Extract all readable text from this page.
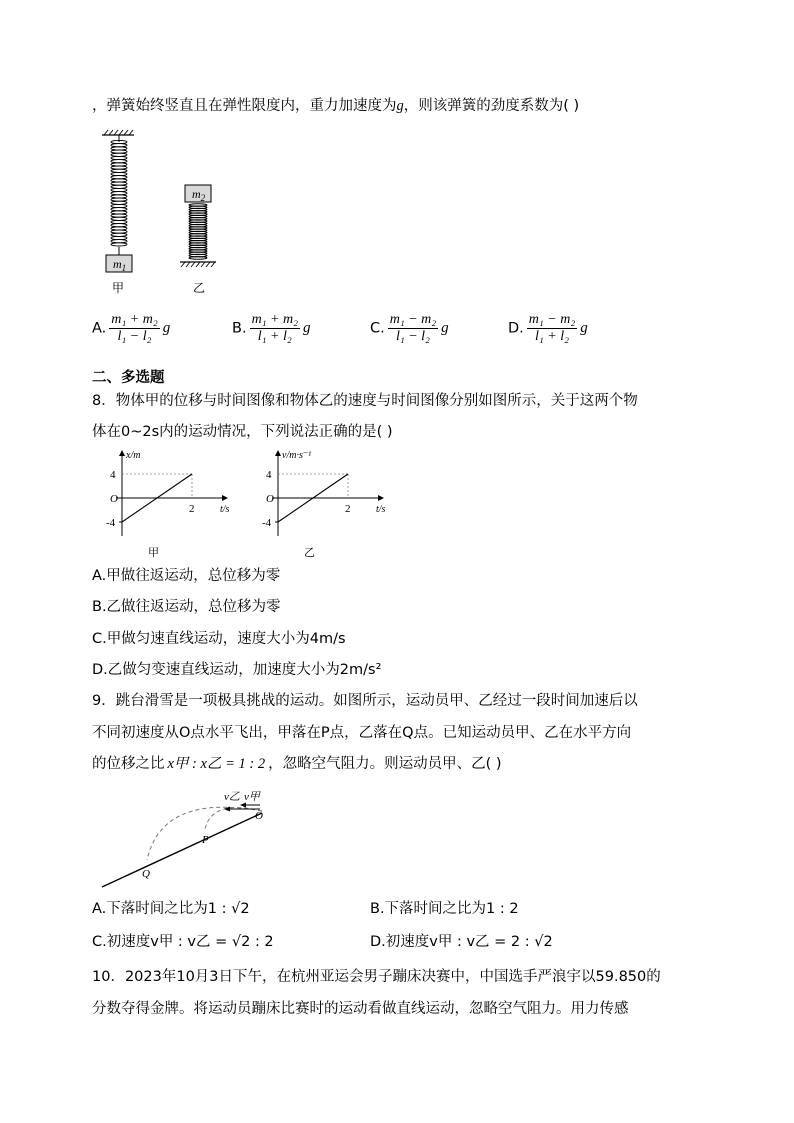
，弹簧始终竖直且在弹性限度内，重力加速度为g，则该弹簧的劲度系数为( )
$m_1$
$m_2$
甲	乙
A. $\frac{\text{m₁ + m₂}}{\text{l₁ − l₂}}$ g	B. $\frac{\text{m₁ + m₂}}{\text{l₁ + l₂}}$ g	C. $\frac{\text{m₁ − m₂}}{\text{l₁ − l₂}}$ g	D. $\frac{\text{m₁ − m₂}}{\text{l₁ + l₂}}$ g
二、多选题
8．物体甲的位移与时间图像和物体乙的速度与时间图像分别如图所示，关于这两个物
体在0~2s内的运动情况，下列说法正确的是( )
x/m
t/s
O
4
-4
2
甲
v/m·s⁻¹
t/s
O
4
-4
2
乙
A.甲做往返运动，总位移为零
B.乙做往返运动，总位移为零
C.甲做匀速直线运动，速度大小为4m/s
D.乙做匀变速直线运动，加速度大小为2m/s²
9．跳台滑雪是一项极具挑战的运动。如图所示，运动员甲、乙经过一段时间加速后以
不同初速度从O点水平飞出，甲落在P点，乙落在Q点。已知运动员甲、乙在水平方向
的位移之比 x甲 : x乙 = 1 : 2 ，忽略空气阻力。则运动员甲、乙( )
v乙 v甲
O
P
Q
A.下落时间之比为1 : √2	B.下落时间之比为1 : 2
C.初速度v甲 : v乙 = √2 : 2	D.初速度v甲 : v乙 = 2 : √2
10．2023年10月3日下午，在杭州亚运会男子蹦床决赛中，中国选手严浪宇以59.850的
分数夺得金牌。将运动员蹦床比赛时的运动看做直线运动，忽略空气阻力。用力传感
